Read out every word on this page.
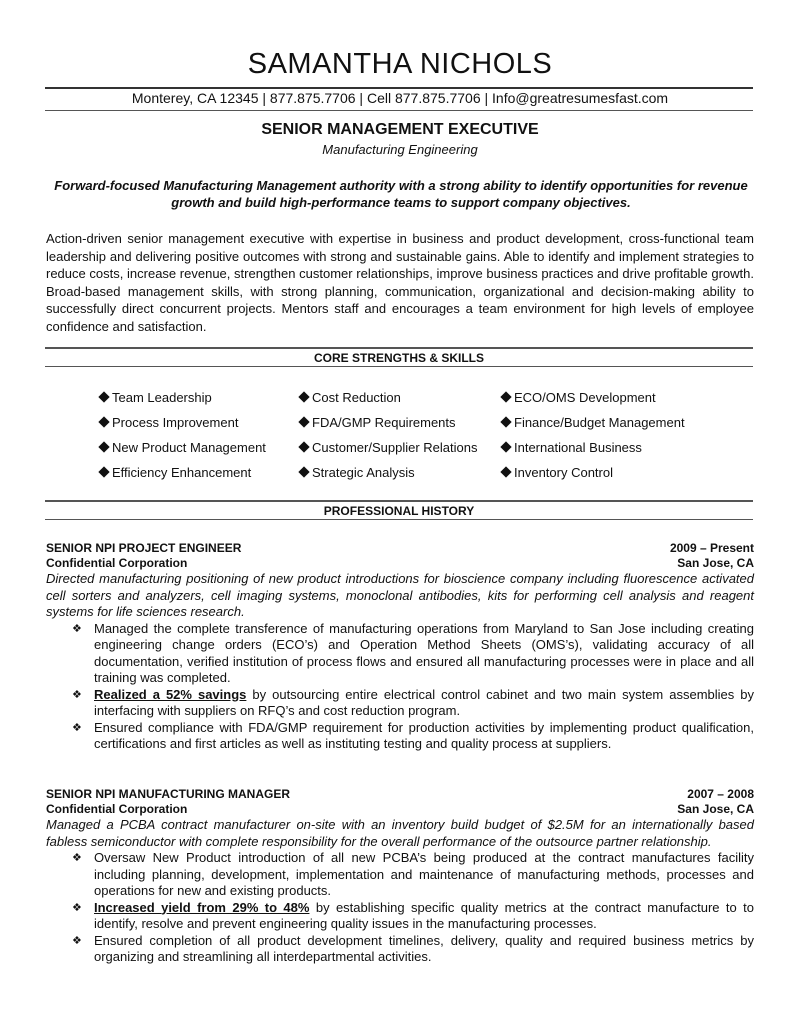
SAMANTHA NICHOLS
Monterey, CA 12345 | 877.875.7706 | Cell 877.875.7706 | Info@greatresumesfast.com
SENIOR MANAGEMENT EXECUTIVE
Manufacturing Engineering
Forward-focused Manufacturing Management authority with a strong ability to identify opportunities for revenue growth and build high-performance teams to support company objectives.
Action-driven senior management executive with expertise in business and product development, cross-functional team leadership and delivering positive outcomes with strong and sustainable gains. Able to identify and implement strategies to reduce costs, increase revenue, strengthen customer relationships, improve business practices and drive profitable growth. Broad-based management skills, with strong planning, communication, organizational and decision-making ability to successfully direct concurrent projects. Mentors staff and encourages a team environment for high levels of employee confidence and satisfaction.
CORE STRENGTHS & SKILLS
Team Leadership	Cost Reduction	ECO/OMS Development
Process Improvement	FDA/GMP Requirements	Finance/Budget Management
New Product Management	Customer/Supplier Relations	International Business
Efficiency Enhancement	Strategic Analysis	Inventory Control
PROFESSIONAL HISTORY
SENIOR NPI PROJECT ENGINEER	2009 – Present
Confidential Corporation	San Jose, CA
Directed manufacturing positioning of new product introductions for bioscience company including fluorescence activated cell sorters and analyzers, cell imaging systems, monoclonal antibodies, kits for performing cell analysis and reagent systems for life sciences research.
❖ Managed the complete transference of manufacturing operations from Maryland to San Jose including creating engineering change orders (ECO’s) and Operation Method Sheets (OMS’s), validating accuracy of all documentation, verified institution of process flows and ensured all manufacturing processes were in place and all training was completed.
❖ Realized a 52% savings by outsourcing entire electrical control cabinet and two main system assemblies by interfacing with suppliers on RFQ’s and cost reduction program.
❖ Ensured compliance with FDA/GMP requirement for production activities by implementing product qualification, certifications and first articles as well as instituting testing and quality process at suppliers.
SENIOR NPI MANUFACTURING MANAGER	2007 – 2008
Confidential Corporation	San Jose, CA
Managed a PCBA contract manufacturer on-site with an inventory build budget of $2.5M for an internationally based fabless semiconductor with complete responsibility for the overall performance of the outsource partner relationship.
❖ Oversaw New Product introduction of all new PCBA’s being produced at the contract manufactures facility including planning, development, implementation and maintenance of manufacturing methods, processes and operations for new and existing products.
❖ Increased yield from 29% to 48% by establishing specific quality metrics at the contract manufacture to to identify, resolve and prevent engineering quality issues in the manufacturing processes.
❖ Ensured completion of all product development timelines, delivery, quality and required business metrics by organizing and streamlining all interdepartmental activities.
